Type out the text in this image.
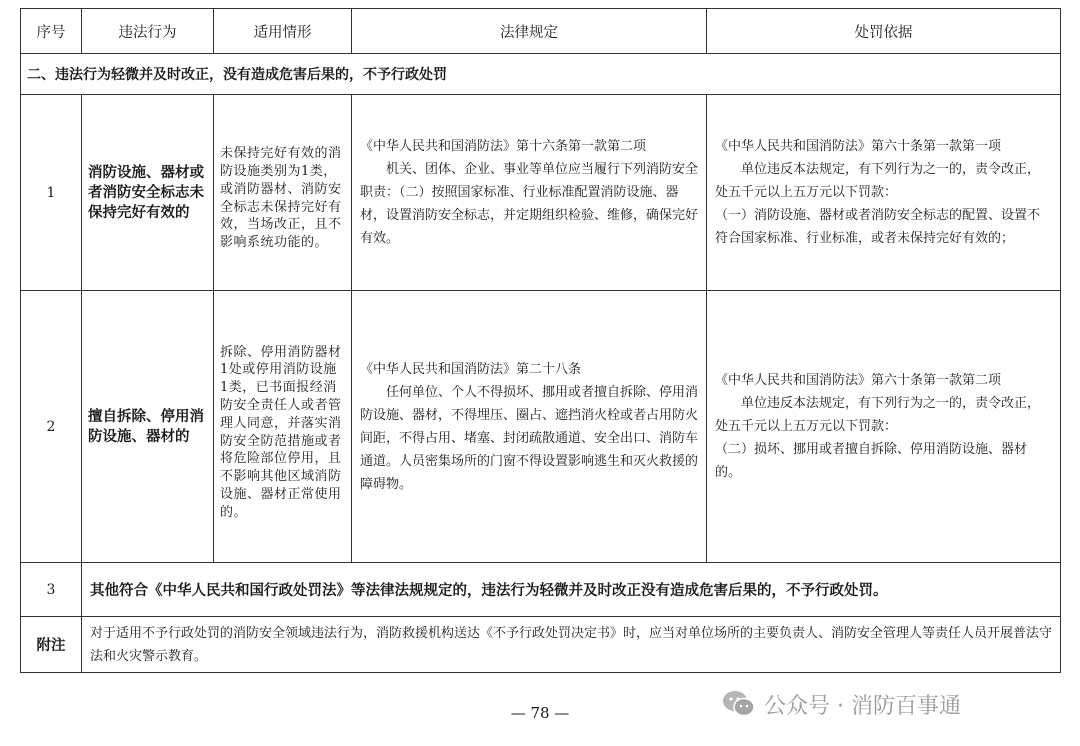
序号	违法行为	适用情形	法律规定	处罚依据
二、违法行为轻微并及时改正，没有造成危害后果的，不予行政处罚				
1	消防设施、器材或者消防安全标志未保持完好有效的	未保持完好有效的消防设施类别为1类，或消防器材、消防安全标志未保持完好有效，当场改正，且不影响系统功能的。	《中华人民共和国消防法》第十六条第一款第二项
机关、团体、企业、事业等单位应当履行下列消防安全职责：（二）按照国家标准、行业标准配置消防设施、器材，设置消防安全标志，并定期组织检验、维修，确保完好有效。	《中华人民共和国消防法》第六十条第一款第一项
单位违反本法规定，有下列行为之一的，责令改正，处五千元以上五万元以下罚款：
（一）消防设施、器材或者消防安全标志的配置、设置不符合国家标准、行业标准，或者未保持完好有效的；

2	擅自拆除、停用消防设施、器材的	拆除、停用消防器材1处或停用消防设施1类，已书面报经消防安全责任人或者管理人同意，并落实消防安全防范措施或者将危险部位停用，且不影响其他区域消防设施、器材正常使用的。	《中华人民共和国消防法》第二十八条
任何单位、个人不得损坏、挪用或者擅自拆除、停用消防设施、器材，不得埋压、圈占、遮挡消火栓或者占用防火间距，不得占用、堵塞、封闭疏散通道、安全出口、消防车通道。人员密集场所的门窗不得设置影响逃生和灭火救援的障碍物。	《中华人民共和国消防法》第六十条第一款第二项
单位违反本法规定，有下列行为之一的，责令改正，处五千元以上五万元以下罚款：
（二）损坏、挪用或者擅自拆除、停用消防设施、器材的。

3	其他符合《中华人民共和国行政处罚法》等法律法规规定的，违法行为轻微并及时改正没有造成危害后果的，不予行政处罚。			
附注	对于适用不予行政处罚的消防安全领域违法行为，消防救援机构送达《不予行政处罚决定书》时，应当对单位场所的主要负责人、消防安全管理人等责任人员开展普法守法和火灾警示教育。			
— 78 —	公众号 · 消防百事通
